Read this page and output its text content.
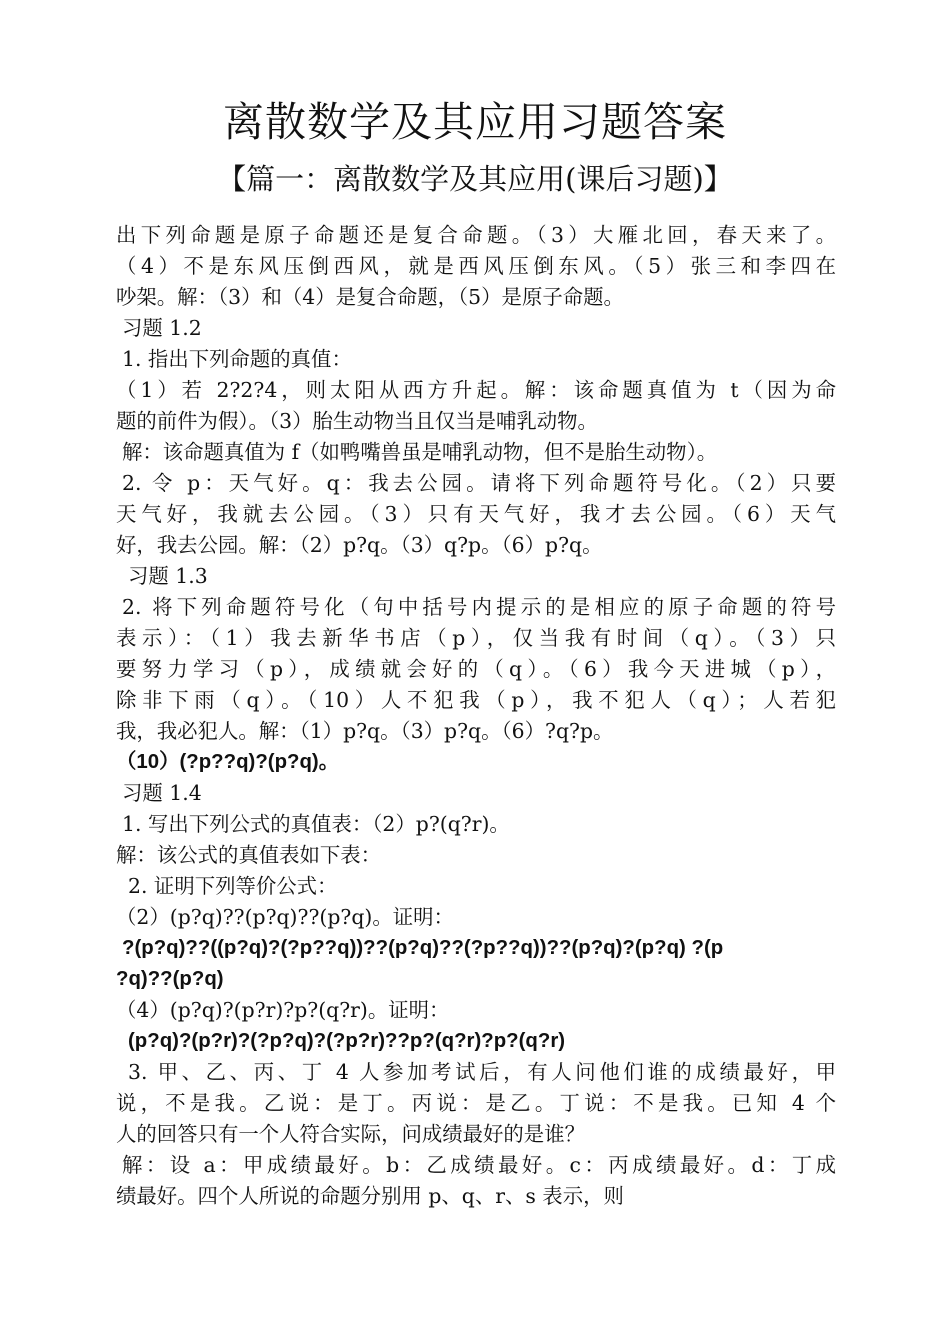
离散数学及其应用习题答案
【篇一：离散数学及其应用(课后习题)】
出下列命题是原子命题还是复合命题。（3）大雁北回，春天来了。
（4）不是东风压倒西风，就是西风压倒东风。（5）张三和李四在
吵架。解：（3）和（4）是复合命题，（5）是原子命题。
习题 1.2
1. 指出下列命题的真值：
（1）若 2?2?4，则太阳从西方升起。解：该命题真值为 t（因为命
题的前件为假）。（3）胎生动物当且仅当是哺乳动物。
解：该命题真值为 f（如鸭嘴兽虽是哺乳动物，但不是胎生动物）。
2. 令 p：天气好。q：我去公园。请将下列命题符号化。（2）只要
天气好，我就去公园。（3）只有天气好，我才去公园。（6）天气
好，我去公园。解：（2）p?q。（3）q?p。（6）p?q。
习题 1.3
2. 将下列命题符号化（句中括号内提示的是相应的原子命题的符号
表示）：（1）我去新华书店（p），仅当我有时间（q）。（3）只
要努力学习（p），成绩就会好的（q）。（6）我今天进城（p），
除非下雨（q）。（10）人不犯我（p），我不犯人（q）；人若犯
我，我必犯人。解：（1）p?q。（3）p?q。（6）?q?p。
（10）(?p??q)?(p?q)。
习题 1.4
1. 写出下列公式的真值表：（2）p?(q?r)。
解：该公式的真值表如下表：
2. 证明下列等价公式：
（2）(p?q)??(p?q)??(p?q)。证明：
?(p?q)??((p?q)?(?p??q))??(p?q)??(?p??q))??(p?q)?(p?q) ?(p
?q)??(p?q)
（4）(p?q)?(p?r)?p?(q?r)。证明：
(p?q)?(p?r)?(?p?q)?(?p?r)??p?(q?r)?p?(q?r)
3. 甲、乙、丙、丁 4 人参加考试后，有人问他们谁的成绩最好，甲
说，不是我。乙说：是丁。丙说：是乙。丁说：不是我。已知 4 个
人的回答只有一个人符合实际，问成绩最好的是谁？
解：设 a：甲成绩最好。b：乙成绩最好。c：丙成绩最好。d：丁成
绩最好。四个人所说的命题分别用 p、q、r、s 表示，则
